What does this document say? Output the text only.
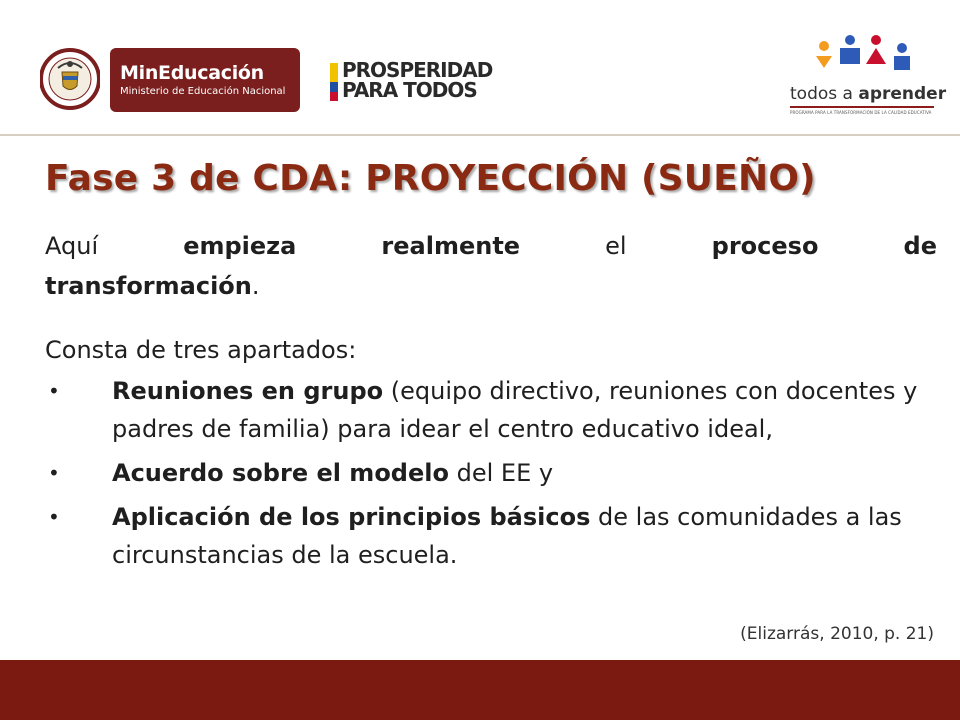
MinEducación
Ministerio de Educación Nacional
PROSPERIDAD
PARA TODOS	todos a aprender
PROGRAMA PARA LA TRANSFORMACIÓN DE LA CALIDAD EDUCATIVA
Fase 3 de CDA: PROYECCIÓN (SUEÑO)
Aquí	empieza	realmente	el	proceso	de
transformación.
Consta de tres apartados:
• Reuniones en grupo (equipo directivo, reuniones con docentes y padres de familia) para idear el centro educativo ideal,
• Acuerdo sobre el modelo del EE y
• Aplicación de los principios básicos de las comunidades a las circunstancias de la escuela.
(Elizarrás, 2010, p. 21)
